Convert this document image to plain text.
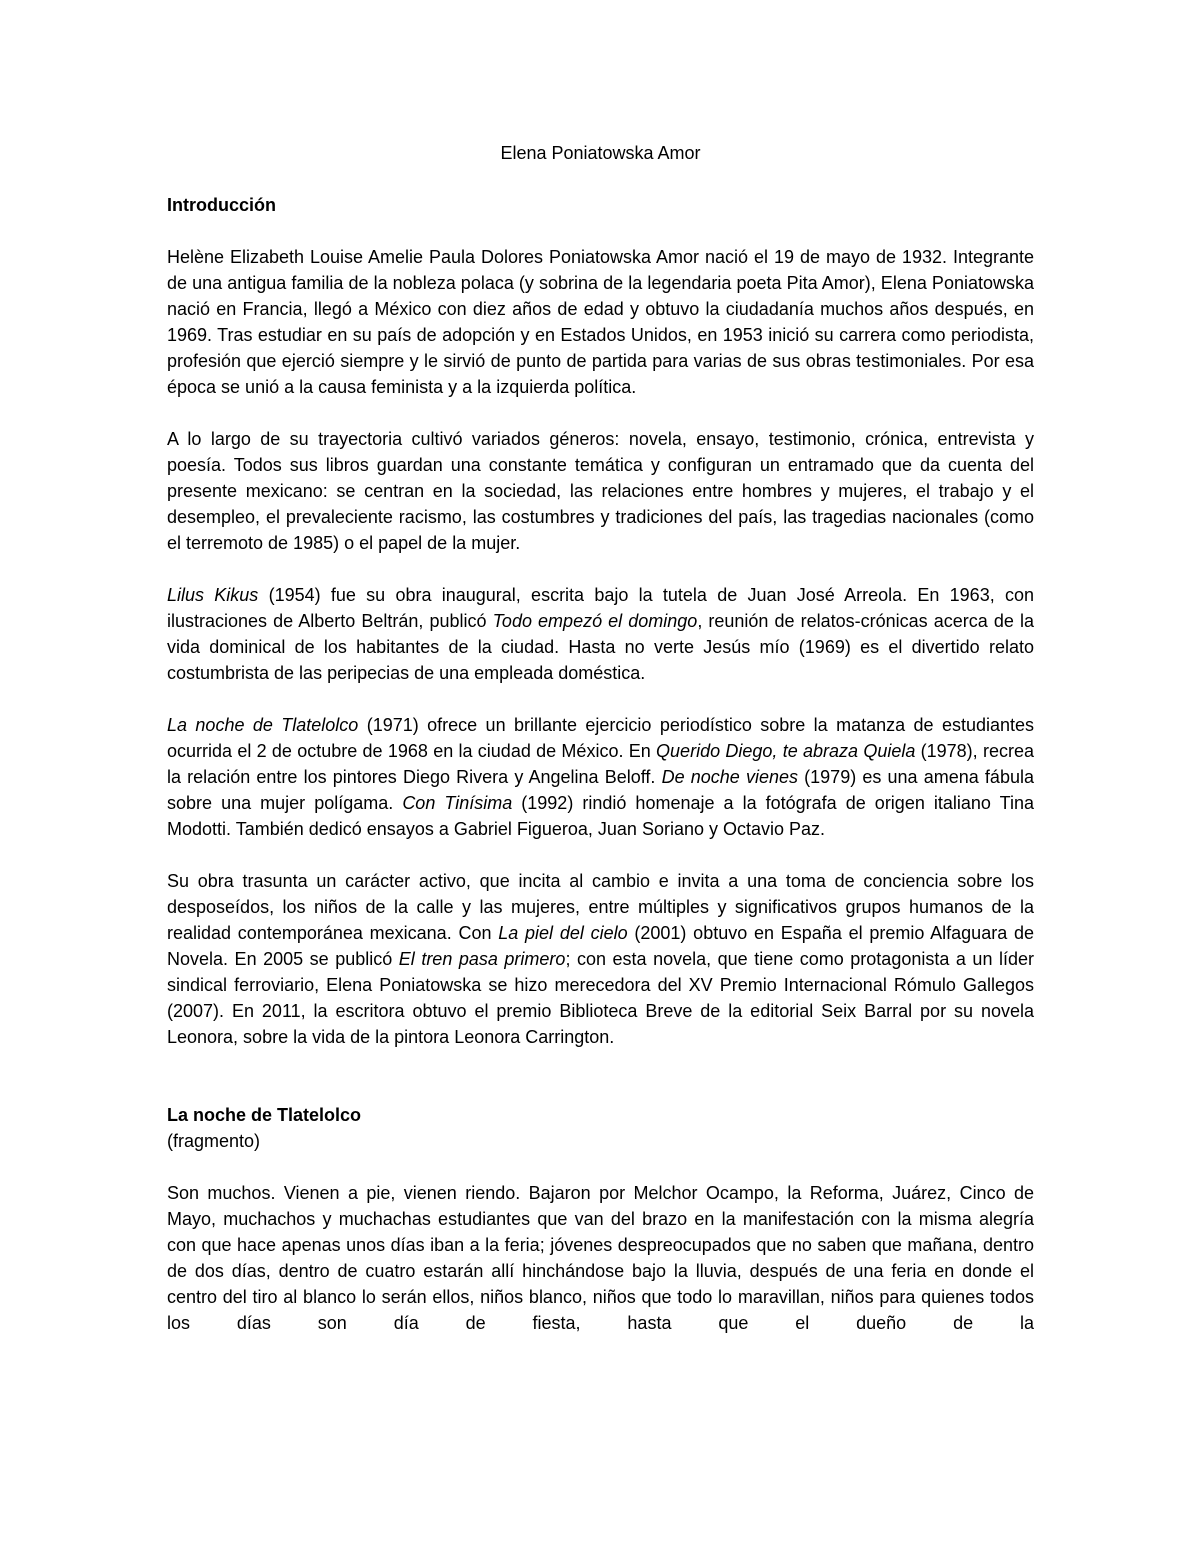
Elena Poniatowska Amor

Introducción

Helène Elizabeth Louise Amelie Paula Dolores Poniatowska Amor nació el 19 de mayo de 1932. Integrante de una antigua familia de la nobleza polaca (y sobrina de la legendaria poeta Pita Amor), Elena Poniatowska nació en Francia, llegó a México con diez años de edad y obtuvo la ciudadanía muchos años después, en 1969. Tras estudiar en su país de adopción y en Estados Unidos, en 1953 inició su carrera como periodista, profesión que ejerció siempre y le sirvió de punto de partida para varias de sus obras testimoniales. Por esa época se unió a la causa feminista y a la izquierda política.

A lo largo de su trayectoria cultivó variados géneros: novela, ensayo, testimonio, crónica, entrevista y poesía. Todos sus libros guardan una constante temática y configuran un entramado que da cuenta del presente mexicano: se centran en la sociedad, las relaciones entre hombres y mujeres, el trabajo y el desempleo, el prevaleciente racismo, las costumbres y tradiciones del país, las tragedias nacionales (como el terremoto de 1985) o el papel de la mujer.

Lilus Kikus (1954) fue su obra inaugural, escrita bajo la tutela de Juan José Arreola. En 1963, con ilustraciones de Alberto Beltrán, publicó Todo empezó el domingo, reunión de relatos-crónicas acerca de la vida dominical de los habitantes de la ciudad. Hasta no verte Jesús mío (1969) es el divertido relato costumbrista de las peripecias de una empleada doméstica.

La noche de Tlatelolco (1971) ofrece un brillante ejercicio periodístico sobre la matanza de estudiantes ocurrida el 2 de octubre de 1968 en la ciudad de México. En Querido Diego, te abraza Quiela (1978), recrea la relación entre los pintores Diego Rivera y Angelina Beloff. De noche vienes (1979) es una amena fábula sobre una mujer polígama. Con Tinísima (1992) rindió homenaje a la fotógrafa de origen italiano Tina Modotti. También dedicó ensayos a Gabriel Figueroa, Juan Soriano y Octavio Paz.

Su obra trasunta un carácter activo, que incita al cambio e invita a una toma de conciencia sobre los desposeídos, los niños de la calle y las mujeres, entre múltiples y significativos grupos humanos de la realidad contemporánea mexicana. Con La piel del cielo (2001) obtuvo en España el premio Alfaguara de Novela. En 2005 se publicó El tren pasa primero; con esta novela, que tiene como protagonista a un líder sindical ferroviario, Elena Poniatowska se hizo merecedora del XV Premio Internacional Rómulo Gallegos (2007). En 2011, la escritora obtuvo el premio Biblioteca Breve de la editorial Seix Barral por su novela Leonora, sobre la vida de la pintora Leonora Carrington.

La noche de Tlatelolco

(fragmento)

Son muchos. Vienen a pie, vienen riendo. Bajaron por Melchor Ocampo, la Reforma, Juárez, Cinco de Mayo, muchachos y muchachas estudiantes que van del brazo en la manifestación con la misma alegría con que hace apenas unos días iban a la feria; jóvenes despreocupados que no saben que mañana, dentro de dos días, dentro de cuatro estarán allí hinchándose bajo la lluvia, después de una feria en donde el centro del tiro al blanco lo serán ellos, niños blanco, niños que todo lo maravillan, niños para quienes todos los días son día de fiesta, hasta que el dueño de la
